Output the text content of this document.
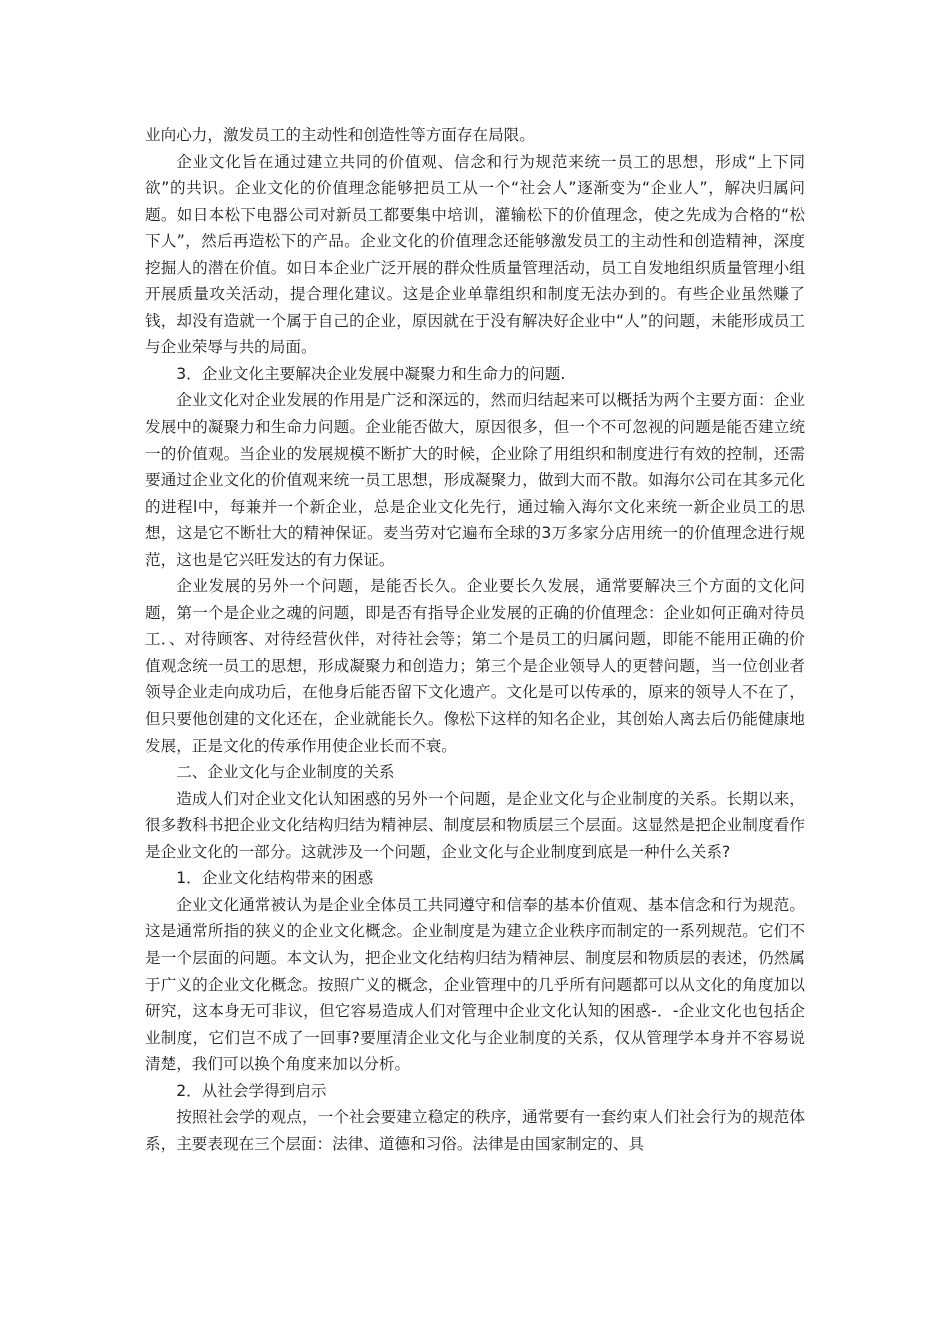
业向心力，激发员工的主动性和创造性等方面存在局限。

企业文化旨在通过建立共同的价值观、信念和行为规范来统一员工的思想，形成“上下同欲”的共识。企业文化的价值理念能够把员工从一个“社会人”逐渐变为“企业人”，解决归属问题。如日本松下电器公司对新员工都要集中培训，灌输松下的价值理念，使之先成为合格的“松下人”，然后再造松下的产品。企业文化的价值理念还能够激发员工的主动性和创造精神，深度挖掘人的潜在价值。如日本企业广泛开展的群众性质量管理活动，员工自发地组织质量管理小组开展质量攻关活动，提合理化建议。这是企业单靠组织和制度无法办到的。有些企业虽然赚了钱，却没有造就一个属于自己的企业，原因就在于没有解决好企业中“人”的问题，未能形成员工与企业荣辱与共的局面。

3．企业文化主要解决企业发展中凝聚力和生命力的问题.

企业文化对企业发展的作用是广泛和深远的，然而归结起来可以概括为两个主要方面：企业发展中的凝聚力和生命力问题。企业能否做大，原因很多，但一个不可忽视的问题是能否建立统一的价值观。当企业的发展规模不断扩大的时候，企业除了用组织和制度进行有效的控制，还需要通过企业文化的价值观来统一员工思想，形成凝聚力，做到大而不散。如海尔公司在其多元化的进程l中，每兼并一个新企业，总是企业文化先行，通过输入海尔文化来统一新企业员工的思想，这是它不断壮大的精神保证。麦当劳对它遍布全球的3万多家分店用统一的价值理念进行规范，这也是它兴旺发达的有力保证。

企业发展的另外一个问题，是能否长久。企业要长久发展，通常要解决三个方面的文化问题，第一个是企业之魂的问题，即是否有指导企业发展的正确的价值理念：企业如何正确对待员工．、对待顾客、对待经营伙伴，对待社会等；第二个是员工的归属问题，即能不能用正确的价值观念统一员工的思想，形成凝聚力和创造力；第三个是企业领导人的更替问题，当一位创业者领导企业走向成功后，在他身后能否留下文化遗产。文化是可以传承的，原来的领导人不在了，但只要他创建的文化还在，企业就能长久。像松下这样的知名企业，其创始人离去后仍能健康地发展，正是文化的传承作用使企业长而不衰。

二、企业文化与企业制度的关系

造成人们对企业文化认知困惑的另外一个问题，是企业文化与企业制度的关系。长期以来，很多教科书把企业文化结构归结为精神层、制度层和物质层三个层面。这显然是把企业制度看作是企业文化的一部分。这就涉及一个问题，企业文化与企业制度到底是一种什么关系?

1．企业文化结构带来的困惑

企业文化通常被认为是企业全体员工共同遵守和信奉的基本价值观、基本信念和行为规范。这是通常所指的狭义的企业文化概念。企业制度是为建立企业秩序而制定的一系列规范。它们不是一个层面的问题。本文认为，把企业文化结构归结为精神层、制度层和物质层的表述，仍然属于广义的企业文化概念。按照广义的概念，企业管理中的几乎所有问题都可以从文化的角度加以研究，这本身无可非议，但它容易造成人们对管理中企业文化认知的困惑-．-企业文化也包括企业制度，它们岂不成了一回事?要厘清企业文化与企业制度的关系，仅从管理学本身并不容易说清楚，我们可以换个角度来加以分析。

2．从社会学得到启示

按照社会学的观点，一个社会要建立稳定的秩序，通常要有一套约束人们社会行为的规范体系，主要表现在三个层面：法律、道德和习俗。法律是由国家制定的、具
